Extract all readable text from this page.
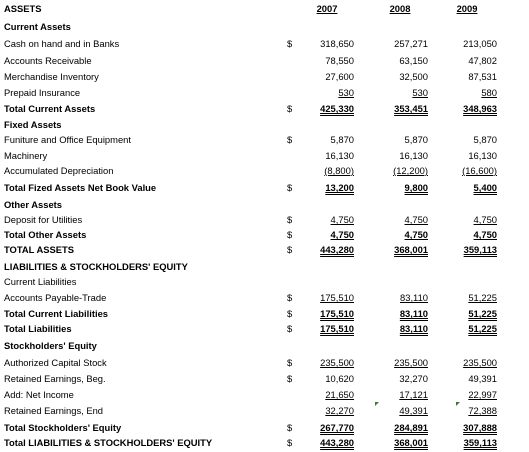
ASSETS	2007	2008	2009
Current Assets
Cash on hand and in Banks	$	318,650	257,271	213,050
Accounts Receivable	78,550	63,150	47,802
Merchandise Inventory	27,600	32,500	87,531
Prepaid Insurance	530	530	580
Total Current Assets	$	425,330	353,451	348,963
Fixed Assets
Funiture and Office Equipment	$	5,870	5,870	5,870
Machinery	16,130	16,130	16,130
Accumulated Depreciation	(8,800)	(12,200)	(16,600)
Total Fized Assets Net Book Value	$	13,200	9,800	5,400
Other Assets
Deposit for Utilities	$	4,750	4,750	4,750
Total Other Assets	$	4,750	4,750	4,750
TOTAL ASSETS	$	443,280	368,001	359,113
LIABILITIES & STOCKHOLDERS' EQUITY
Current Liabilities
Accounts Payable-Trade	$	175,510	83,110	51,225
Total Current Liabilities	$	175,510	83,110	51,225
Total Liabilities	$	175,510	83,110	51,225
Stockholders' Equity
Authorized Capital Stock	$	235,500	235,500	235,500
Retained Earnings, Beg.	$	10,620	32,270	49,391
Add: Net Income	21,650	17,121	22,997
Retained Earnings, End	32,270	49,391	72,388
Total Stockholders' Equity	$	267,770	284,891	307,888
Total LIABILITIES & STOCKHOLDERS' EQUITY	$	443,280	368,001	359,113
